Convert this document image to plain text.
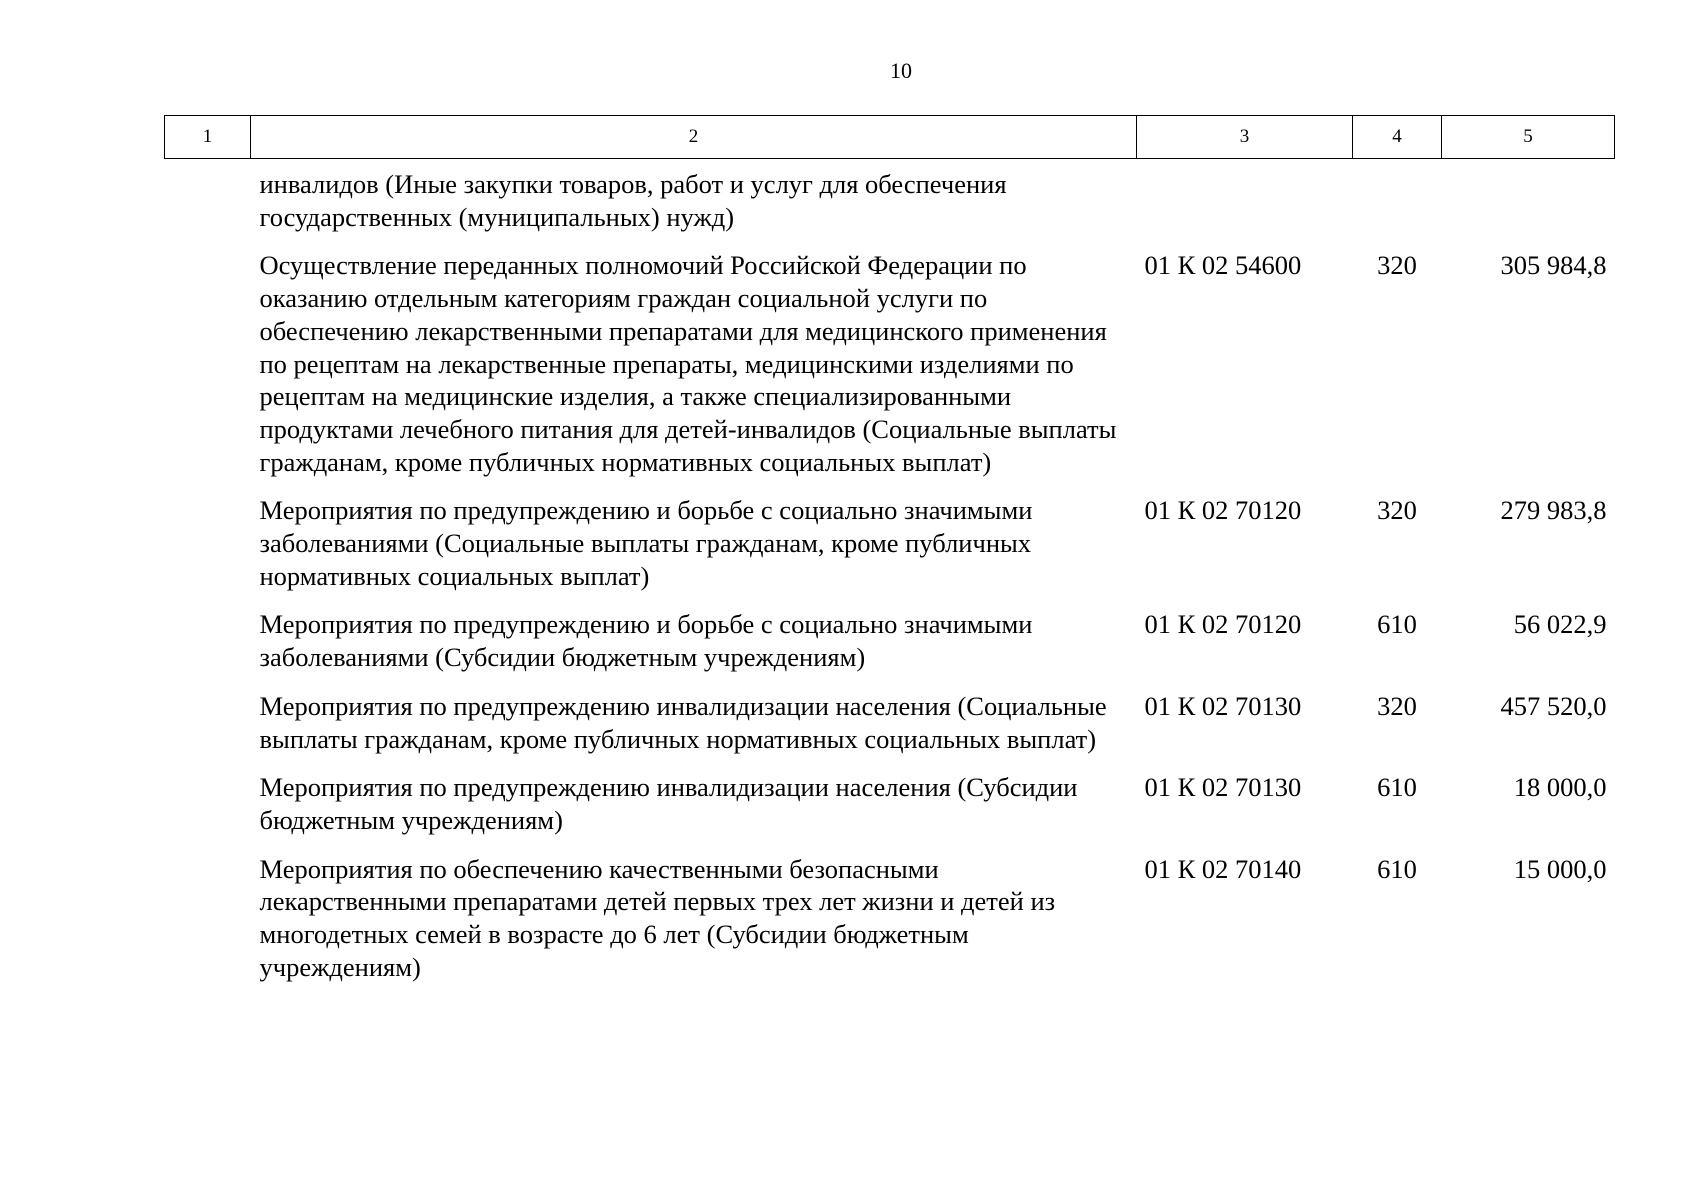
10
1	2	3	4	5
	инвалидов (Иные закупки товаров, работ и услуг для обеспечения государственных (муниципальных) нужд)			
	Осуществление переданных полномочий Российской Федерации по оказанию отдельным категориям граждан социальной услуги по обеспечению лекарственными препаратами для медицинского применения по рецептам на лекарственные препараты, медицинскими изделиями по рецептам на медицинские изделия, а также специализированными продуктами лечебного питания для детей-инвалидов (Социальные выплаты гражданам, кроме публичных нормативных социальных выплат)	01 К 02 54600	320	305 984,8
	Мероприятия по предупреждению и борьбе с социально значимыми заболеваниями (Социальные выплаты гражданам, кроме публичных нормативных социальных выплат)	01 К 02 70120	320	279 983,8
	Мероприятия по предупреждению и борьбе с социально значимыми заболеваниями (Субсидии бюджетным учреждениям)	01 К 02 70120	610	56 022,9
	Мероприятия по предупреждению инвалидизации населения (Социальные выплаты гражданам, кроме публичных нормативных социальных выплат)	01 К 02 70130	320	457 520,0
	Мероприятия по предупреждению инвалидизации населения (Субсидии бюджетным учреждениям)	01 К 02 70130	610	18 000,0
	Мероприятия по обеспечению качественными безопасными лекарственными препаратами детей первых трех лет жизни и детей из многодетных семей в возрасте до 6 лет (Субсидии бюджетным учреждениям)	01 К 02 70140	610	15 000,0
